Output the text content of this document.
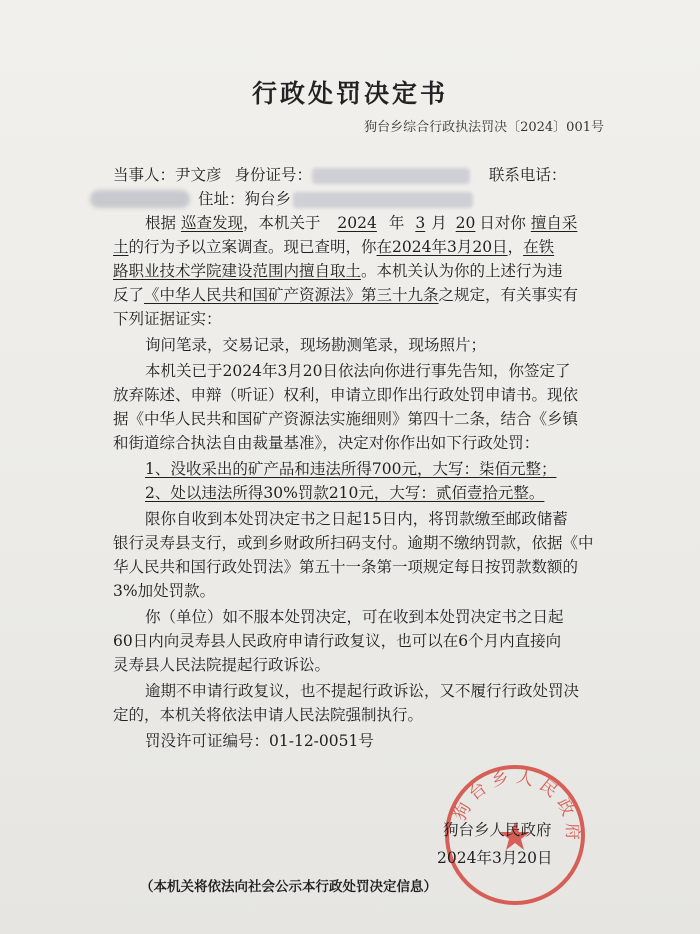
行政处罚决定书
狗台乡综合行政执法罚决〔2024〕001号
当事人：尹文彦 身份证号：	联系电话：
住址：狗台乡
根据 巡查发现，本机关于 2024 年 3 月 20 日对你 擅自采
土的行为予以立案调查。现已查明，你在2024年3月20日，在铁
路职业技术学院建设范围内擅自取土。本机关认为你的上述行为违
反了《中华人民共和国矿产资源法》第三十九条之规定，有关事实有
下列证据证实：
询问笔录，交易记录，现场勘测笔录，现场照片；
本机关已于2024年3月20日依法向你进行事先告知，你签定了
放弃陈述、申辩（听证）权利，申请立即作出行政处罚申请书。现依
据《中华人民共和国矿产资源法实施细则》第四十二条，结合《乡镇
和街道综合执法自由裁量基准》，决定对你作出如下行政处罚：
1、没收采出的矿产品和违法所得700元，大写：柒佰元整；
2、处以违法所得30%罚款210元，大写：贰佰壹拾元整。
限你自收到本处罚决定书之日起15日内，将罚款缴至邮政储蓄
银行灵寿县支行，或到乡财政所扫码支付。逾期不缴纳罚款，依据《中
华人民共和国行政处罚法》第五十一条第一项规定每日按罚款数额的
3%加处罚款。
你（单位）如不服本处罚决定，可在收到本处罚决定书之日起
60日内向灵寿县人民政府申请行政复议，也可以在6个月内直接向
灵寿县人民法院提起行政诉讼。
逾期不申请行政复议，也不提起行政诉讼，又不履行行政处罚决
定的，本机关将依法申请人民法院强制执行。
罚没许可证编号：01-12-0051号
狗台乡人民政府
狗台乡人民政府
2024年3月20日
（本机关将依法向社会公示本行政处罚决定信息）
